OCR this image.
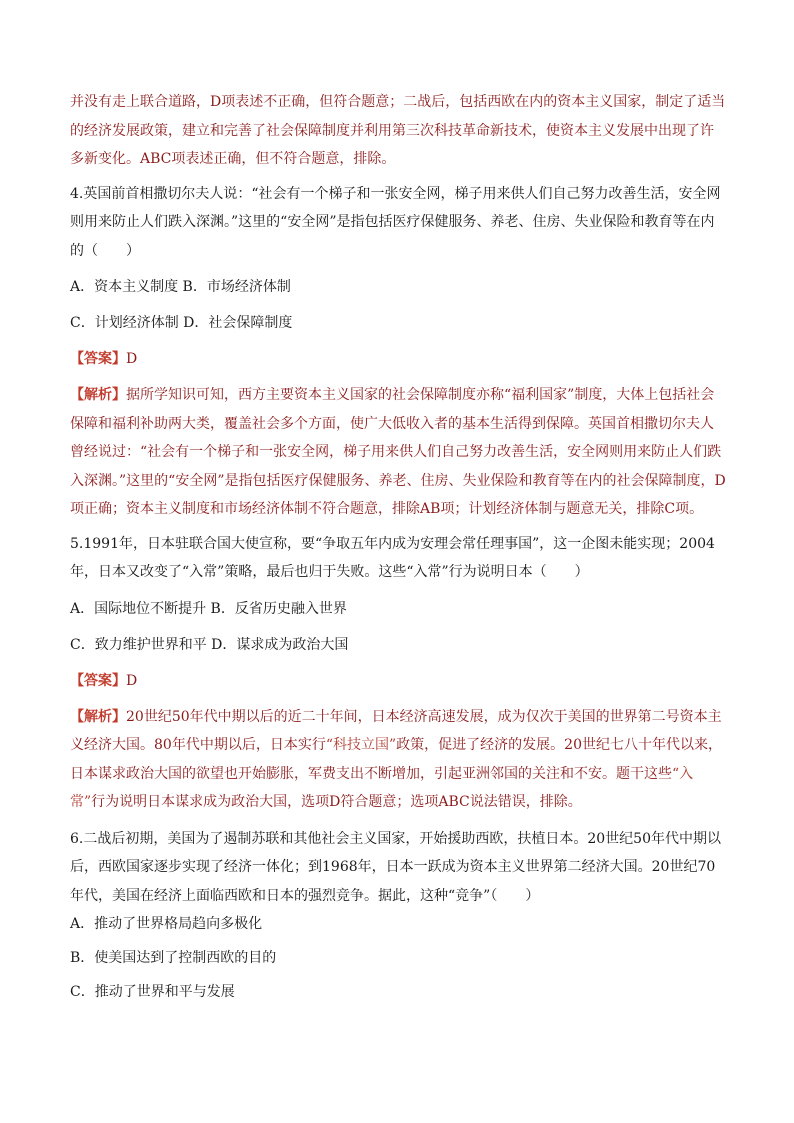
并没有走上联合道路，D项表述不正确，但符合题意；二战后，包括西欧在内的资本主义国家，制定了适当的经济发展政策，建立和完善了社会保障制度并利用第三次科技革命新技术，使资本主义发展中出现了许多新变化。ABC项表述正确，但不符合题意，排除。

4.英国前首相撒切尔夫人说：“社会有一个梯子和一张安全网，梯子用来供人们自己努力改善生活，安全网则用来防止人们跌入深渊。”这里的“安全网”是指包括医疗保健服务、养老、住房、失业保险和教育等在内的（　　）

A．资本主义制度 B．市场经济体制

C．计划经济体制 D．社会保障制度

【答案】D

【解析】据所学知识可知，西方主要资本主义国家的社会保障制度亦称“福利国家”制度，大体上包括社会保障和福利补助两大类，覆盖社会多个方面，使广大低收入者的基本生活得到保障。英国首相撒切尔夫人曾经说过：“社会有一个梯子和一张安全网，梯子用来供人们自己努力改善生活，安全网则用来防止人们跌入深渊。”这里的“安全网”是指包括医疗保健服务、养老、住房、失业保险和教育等在内的社会保障制度，D项正确；资本主义制度和市场经济体制不符合题意，排除AB项；计划经济体制与题意无关，排除C项。

5.1991年，日本驻联合国大使宣称，要“争取五年内成为安理会常任理事国”，这一企图未能实现；2004年，日本又改变了“入常”策略，最后也归于失败。这些“入常”行为说明日本（　　）

A．国际地位不断提升 B．反省历史融入世界

C．致力维护世界和平 D．谋求成为政治大国

【答案】D

【解析】20世纪50年代中期以后的近二十年间，日本经济高速发展，成为仅次于美国的世界第二号资本主义经济大国。80年代中期以后，日本实行“科技立国”政策，促进了经济的发展。20世纪七八十年代以来，日本谋求政治大国的欲望也开始膨胀，军费支出不断增加，引起亚洲邻国的关注和不安。题干这些“入常”行为说明日本谋求成为政治大国，选项D符合题意；选项ABC说法错误，排除。

6.二战后初期，美国为了遏制苏联和其他社会主义国家，开始援助西欧，扶植日本。20世纪50年代中期以后，西欧国家逐步实现了经济一体化；到1968年，日本一跃成为资本主义世界第二经济大国。20世纪70年代，美国在经济上面临西欧和日本的强烈竞争。据此，这种“竞争”（　　）

A．推动了世界格局趋向多极化

B．使美国达到了控制西欧的目的

C．推动了世界和平与发展
